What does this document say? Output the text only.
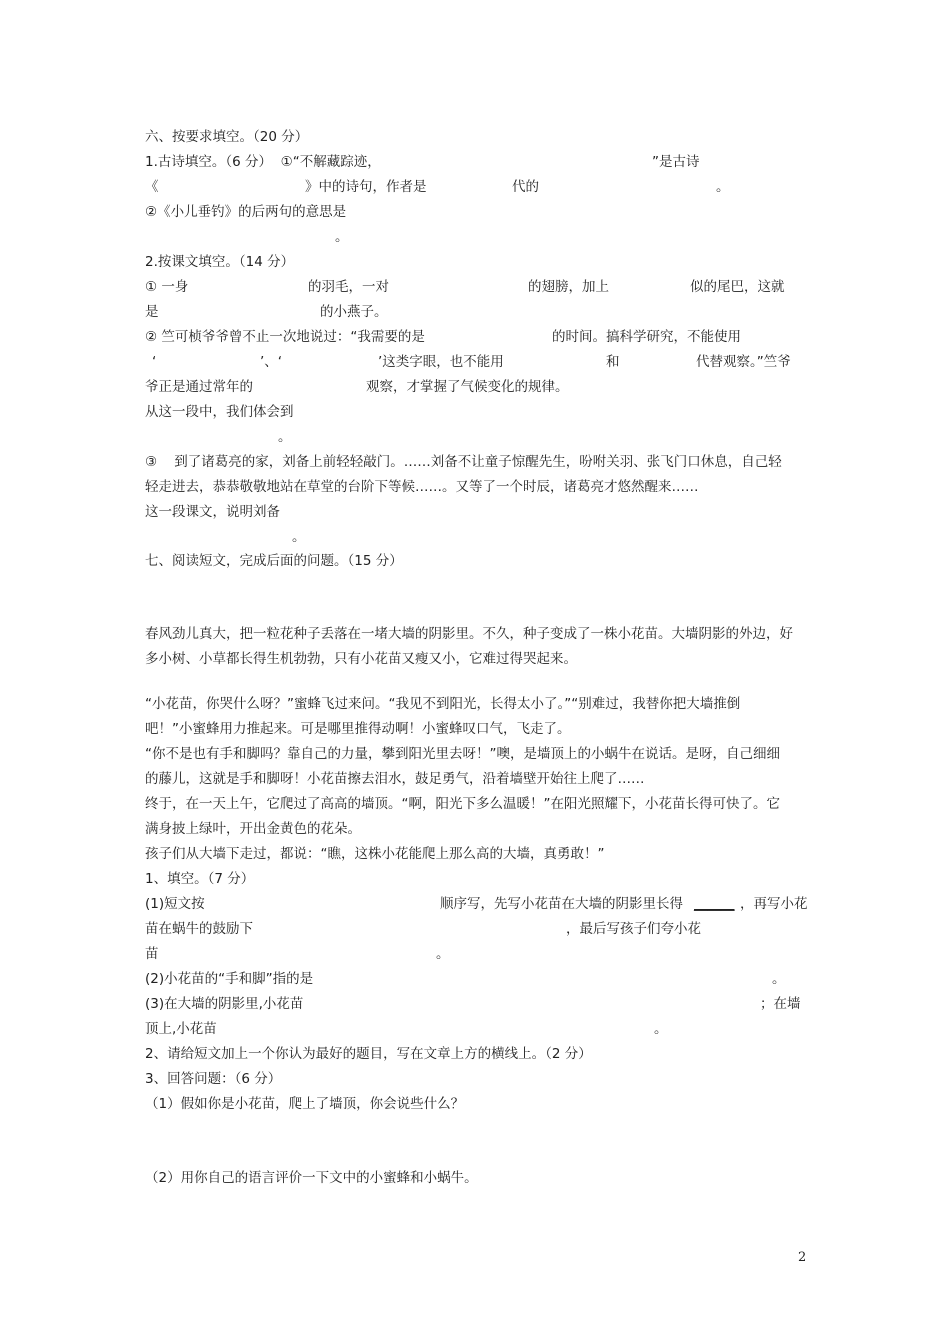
六、按要求填空。（20 分）
1.古诗填空。（6 分）  ①“不解藏踪迹，	”是古诗
《	》中的诗句，作者是	代的	。
②《小儿垂钓》的后两句的意思是
。
2.按课文填空。（14 分）
① 一身	的羽毛，一对	的翅膀，加上	似的尾巴，这就
是	的小燕子。
② 竺可桢爷爷曾不止一次地说过：“我需要的是	的时间。搞科学研究，不能使用
‘	’、‘	’这类字眼，也不能用	和	代替观察。”竺爷
爷正是通过常年的	观察，才掌握了气候变化的规律。
从这一段中，我们体会到
。
③    到了诸葛亮的家，刘备上前轻轻敲门。……刘备不让童子惊醒先生，吩咐关羽、张飞门口休息，自己轻
轻走进去，恭恭敬敬地站在草堂的台阶下等候……。又等了一个时辰，诸葛亮才悠然醒来……
这一段课文，说明刘备
。
七、阅读短文，完成后面的问题。（15 分）
春风劲儿真大，把一粒花种子丢落在一堵大墙的阴影里。不久，种子变成了一株小花苗。大墙阴影的外边，好
多小树、小草都长得生机勃勃，只有小花苗又瘦又小，它难过得哭起来。
“小花苗，你哭什么呀？”蜜蜂飞过来问。“我见不到阳光，长得太小了。”“别难过，我替你把大墙推倒
吧！”小蜜蜂用力推起来。可是哪里推得动啊！小蜜蜂叹口气，飞走了。
“你不是也有手和脚吗？靠自己的力量，攀到阳光里去呀！”噢，是墙顶上的小蜗牛在说话。是呀，自己细细
的藤儿，这就是手和脚呀！小花苗擦去泪水，鼓足勇气，沿着墙壁开始往上爬了……
终于，在一天上午，它爬过了高高的墙顶。“啊，阳光下多么温暖！”在阳光照耀下，小花苗长得可快了。它
满身披上绿叶，开出金黄色的花朵。
孩子们从大墙下走过，都说：“瞧，这株小花能爬上那么高的大墙，真勇敢！”
1、填空。（7 分）
(1)短文按	顺序写，先写小花苗在大墙的阴影里长得 ______ ，再写小花
苗在蜗牛的鼓励下	，最后写孩子们夸小花
苗	。
(2)小花苗的“手和脚”指的是	。
(3)在大墙的阴影里,小花苗	；在墙
顶上,小花苗	。
2、请给短文加上一个你认为最好的题目，写在文章上方的横线上。（2 分）
3、回答问题：（6 分）
（1）假如你是小花苗，爬上了墙顶，你会说些什么？
（2）用你自己的语言评价一下文中的小蜜蜂和小蜗牛。
2
